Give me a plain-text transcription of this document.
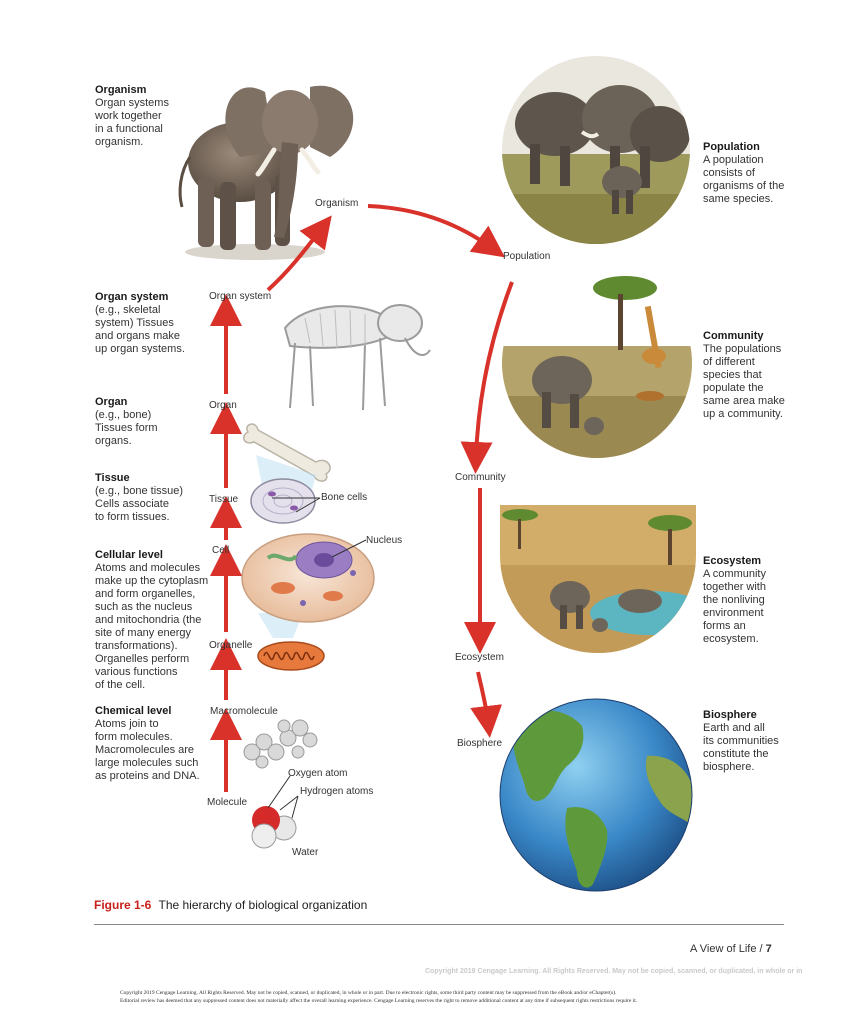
Organism
Organ systems
work together
in a functional
organism.
Organ system
(e.g., skeletal
system) Tissues
and organs make
up organ systems.
Organ
(e.g., bone)
Tissues form
organs.
Tissue
(e.g., bone tissue)
Cells associate
to form tissues.
Cellular level
Atoms and molecules
make up the cytoplasm
and form organelles,
such as the nucleus
and mitochondria (the
site of many energy
transformations).
Organelles perform
various functions
of the cell.
Chemical level
Atoms join to
form molecules.
Macromolecules are
large molecules such
as proteins and DNA.
Population
A population
consists of
organisms of the
same species.
Community
The populations
of different
species that
populate the
same area make
up a community.
Ecosystem
A community
together with
the nonliving
environment
forms an
ecosystem.
Biosphere
Earth and all
its communities
constitute the
biosphere.
Molecule
Macromolecule
Organelle
Cell
Tissue
Organ
Organ system
Organism
Population
Community
Ecosystem
Biosphere
Oxygen atom
Hydrogen atoms
Water
Nucleus
Bone cells
Figure 1-6 The hierarchy of biological organization
A View of Life / 7
Copyright 2019 Cengage Learning. All Rights Reserved. May not be copied, scanned, or duplicated, in whole or in
Copyright 2019 Cengage Learning. All Rights Reserved. May not be copied, scanned, or duplicated, in whole or in part. Due to electronic rights, some third party content may be suppressed from the eBook and/or eChapter(s).
Editorial review has deemed that any suppressed content does not materially affect the overall learning experience. Cengage Learning reserves the right to remove additional content at any time if subsequent rights restrictions require it.
